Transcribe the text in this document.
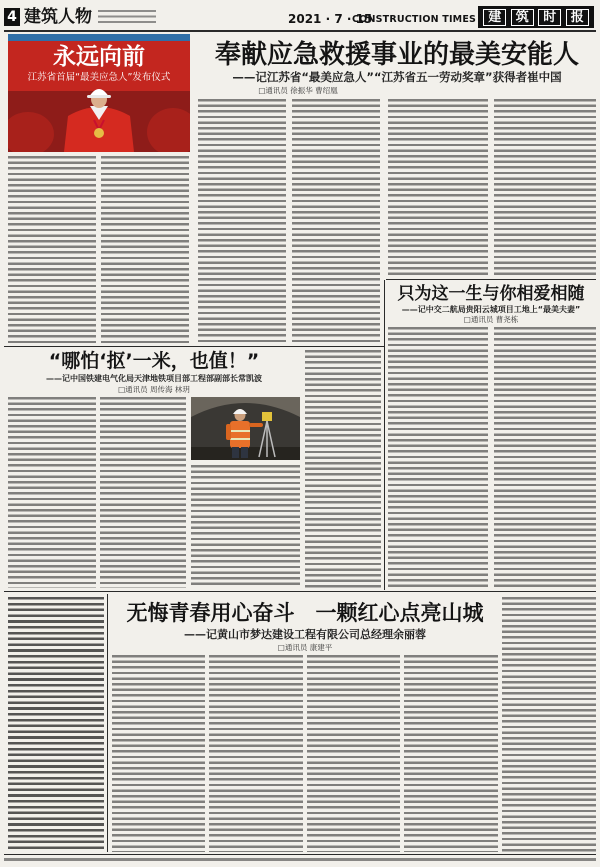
4 建筑人物	2021 · 7 · 15
CONSTRUCTION TIMES 建	筑	时	报
永远向前
江苏省首届“最美应急人”发布仪式
奉献应急救援事业的最美安能人
——记江苏省“最美应急人”“江苏省五一劳动奖章”获得者崔中国
□通讯员 徐振华 曹绍凰
只为这一生与你相爱相随
——记中交二航局贵阳云城项目工地上“最美夫妻”
□通讯员 曹尧栋
“哪怕‘抠’一米，也值！”
——记中国铁建电气化局天津地铁项目部工程部副部长常凯波
□通讯员 周传海 林玥
无悔青春用心奋斗　一颗红心点亮山城
——记黄山市梦达建设工程有限公司总经理余丽蓉
□通讯员 康建平
